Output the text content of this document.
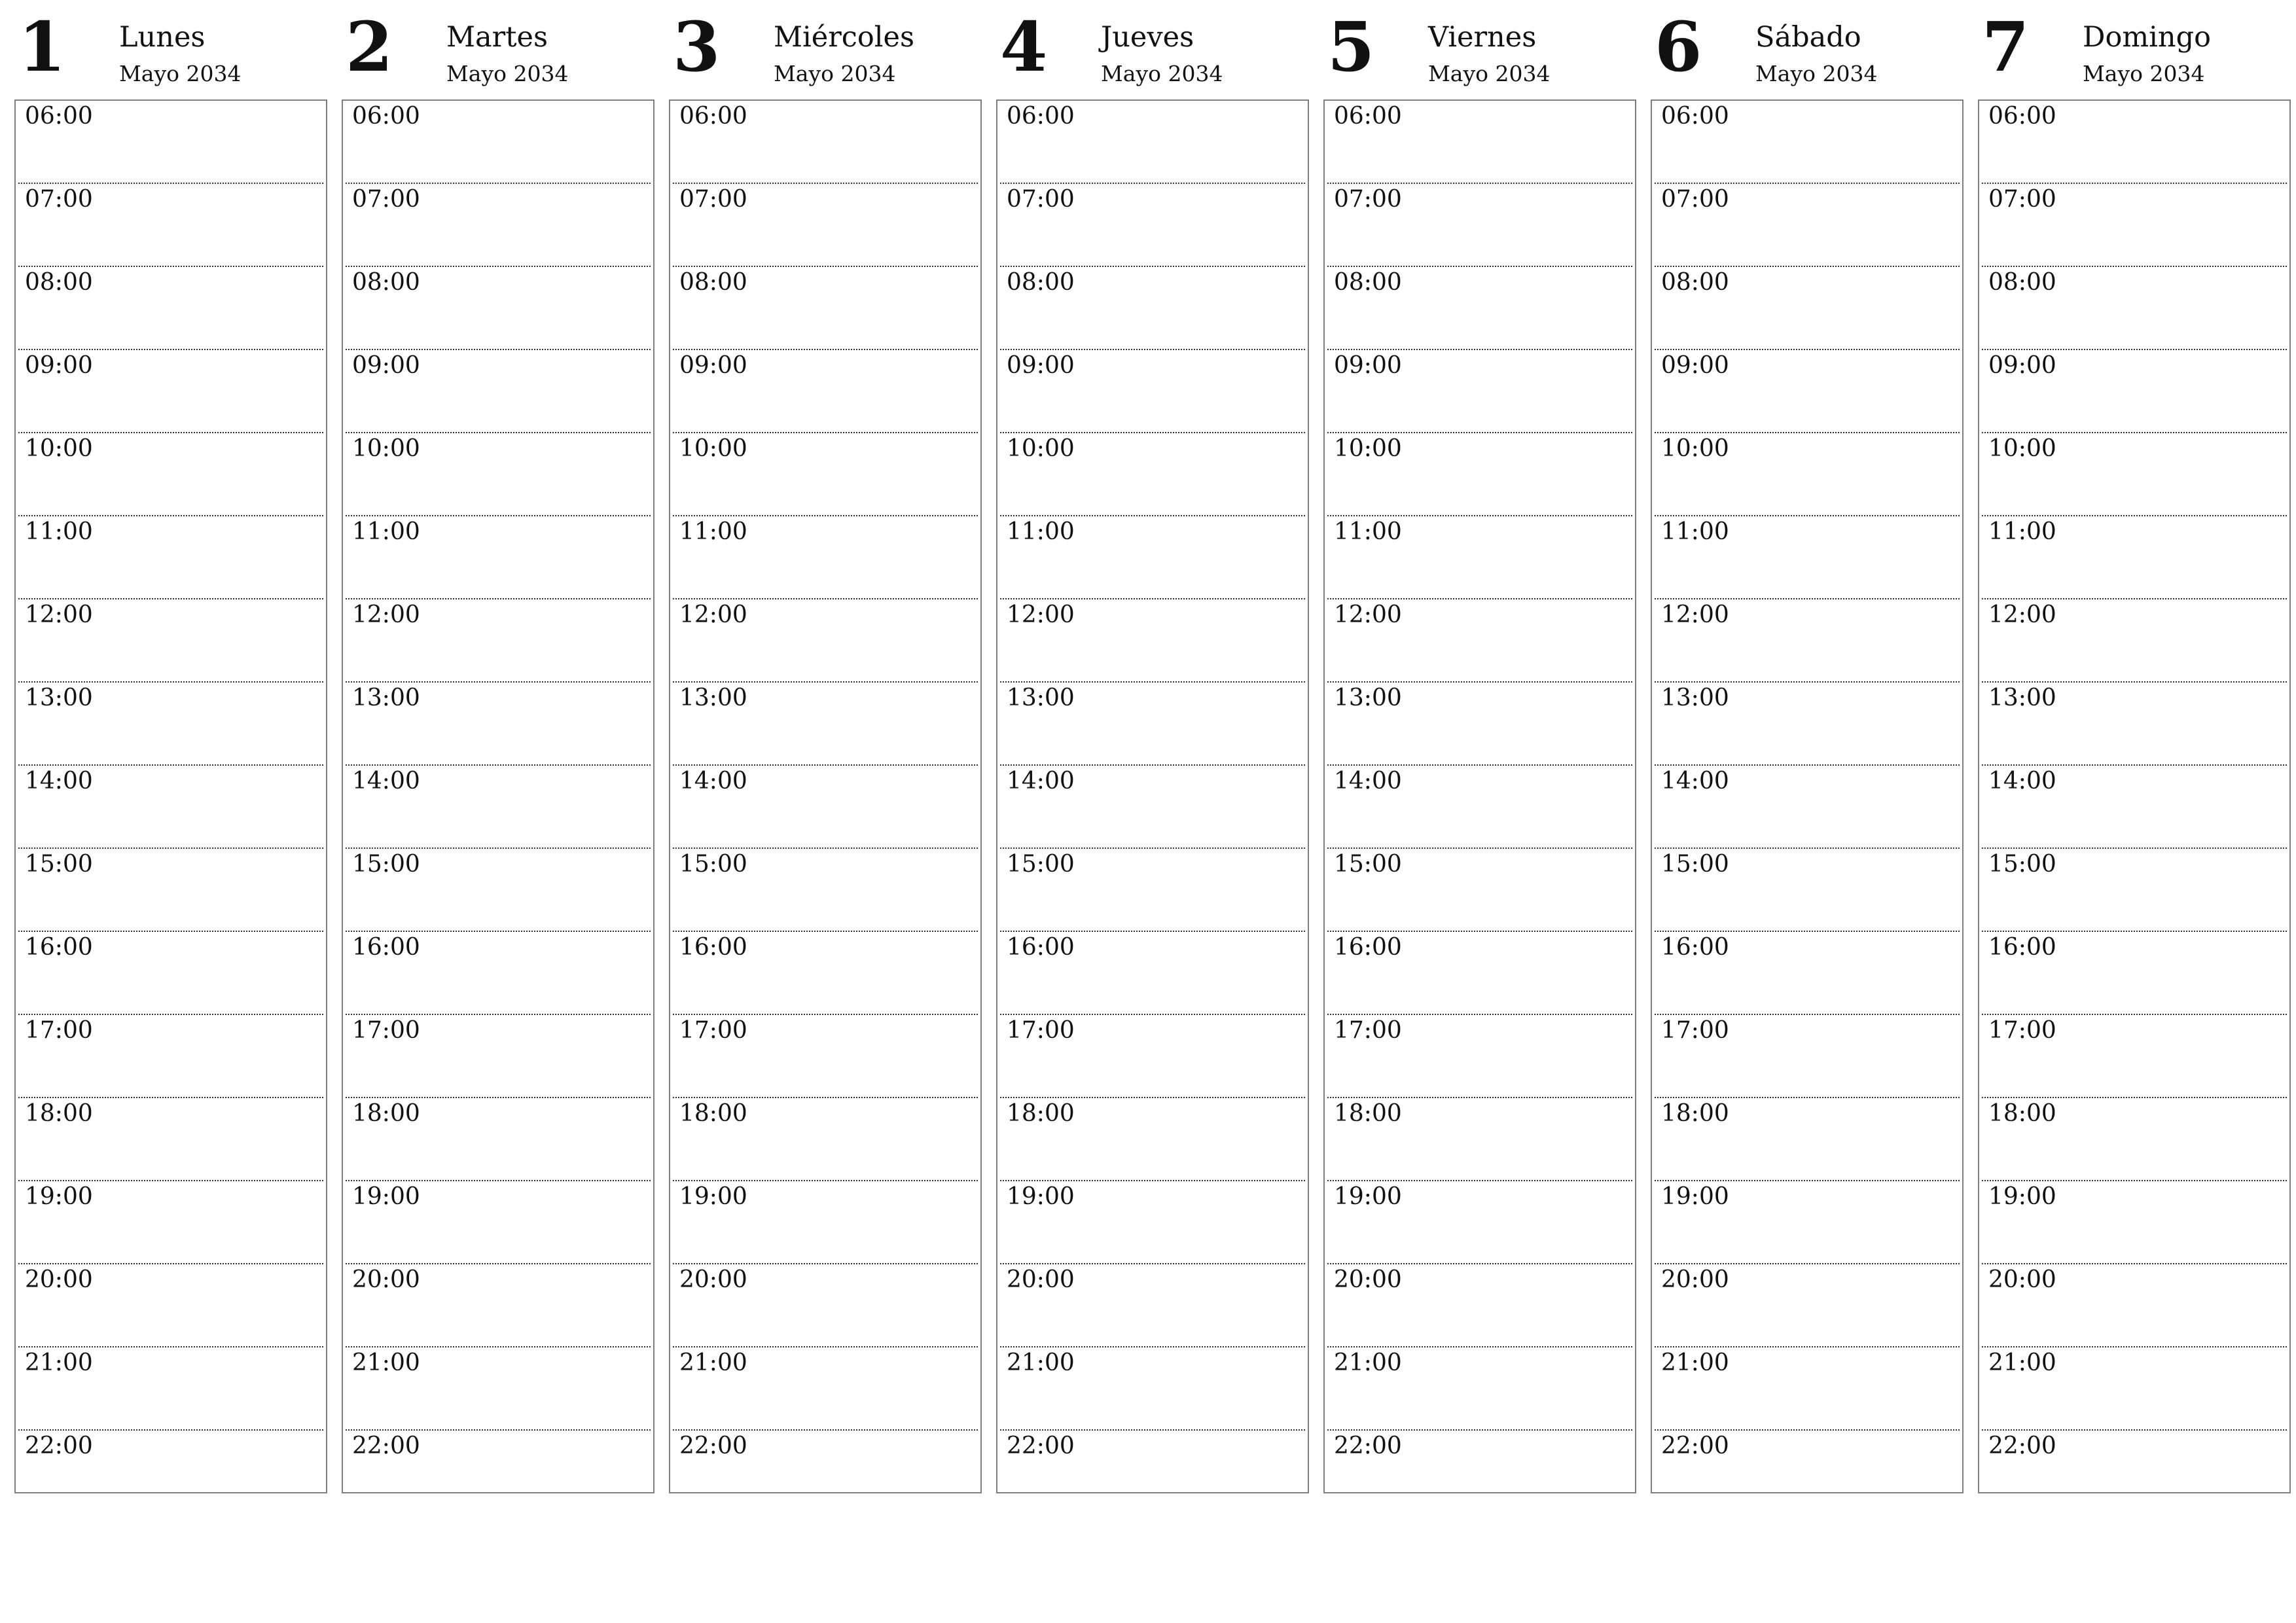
1 Lunes
Mayo 2034
06:00
07:00
08:00
09:00
10:00
11:00
12:00
13:00
14:00
15:00
16:00
17:00
18:00
19:00
20:00
21:00
22:00
2 Martes
Mayo 2034
06:00
07:00
08:00
09:00
10:00
11:00
12:00
13:00
14:00
15:00
16:00
17:00
18:00
19:00
20:00
21:00
22:00
3 Miércoles
Mayo 2034
06:00
07:00
08:00
09:00
10:00
11:00
12:00
13:00
14:00
15:00
16:00
17:00
18:00
19:00
20:00
21:00
22:00
4 Jueves
Mayo 2034
06:00
07:00
08:00
09:00
10:00
11:00
12:00
13:00
14:00
15:00
16:00
17:00
18:00
19:00
20:00
21:00
22:00
5 Viernes
Mayo 2034
06:00
07:00
08:00
09:00
10:00
11:00
12:00
13:00
14:00
15:00
16:00
17:00
18:00
19:00
20:00
21:00
22:00
6 Sábado
Mayo 2034
06:00
07:00
08:00
09:00
10:00
11:00
12:00
13:00
14:00
15:00
16:00
17:00
18:00
19:00
20:00
21:00
22:00
7 Domingo
Mayo 2034
06:00
07:00
08:00
09:00
10:00
11:00
12:00
13:00
14:00
15:00
16:00
17:00
18:00
19:00
20:00
21:00
22:00
